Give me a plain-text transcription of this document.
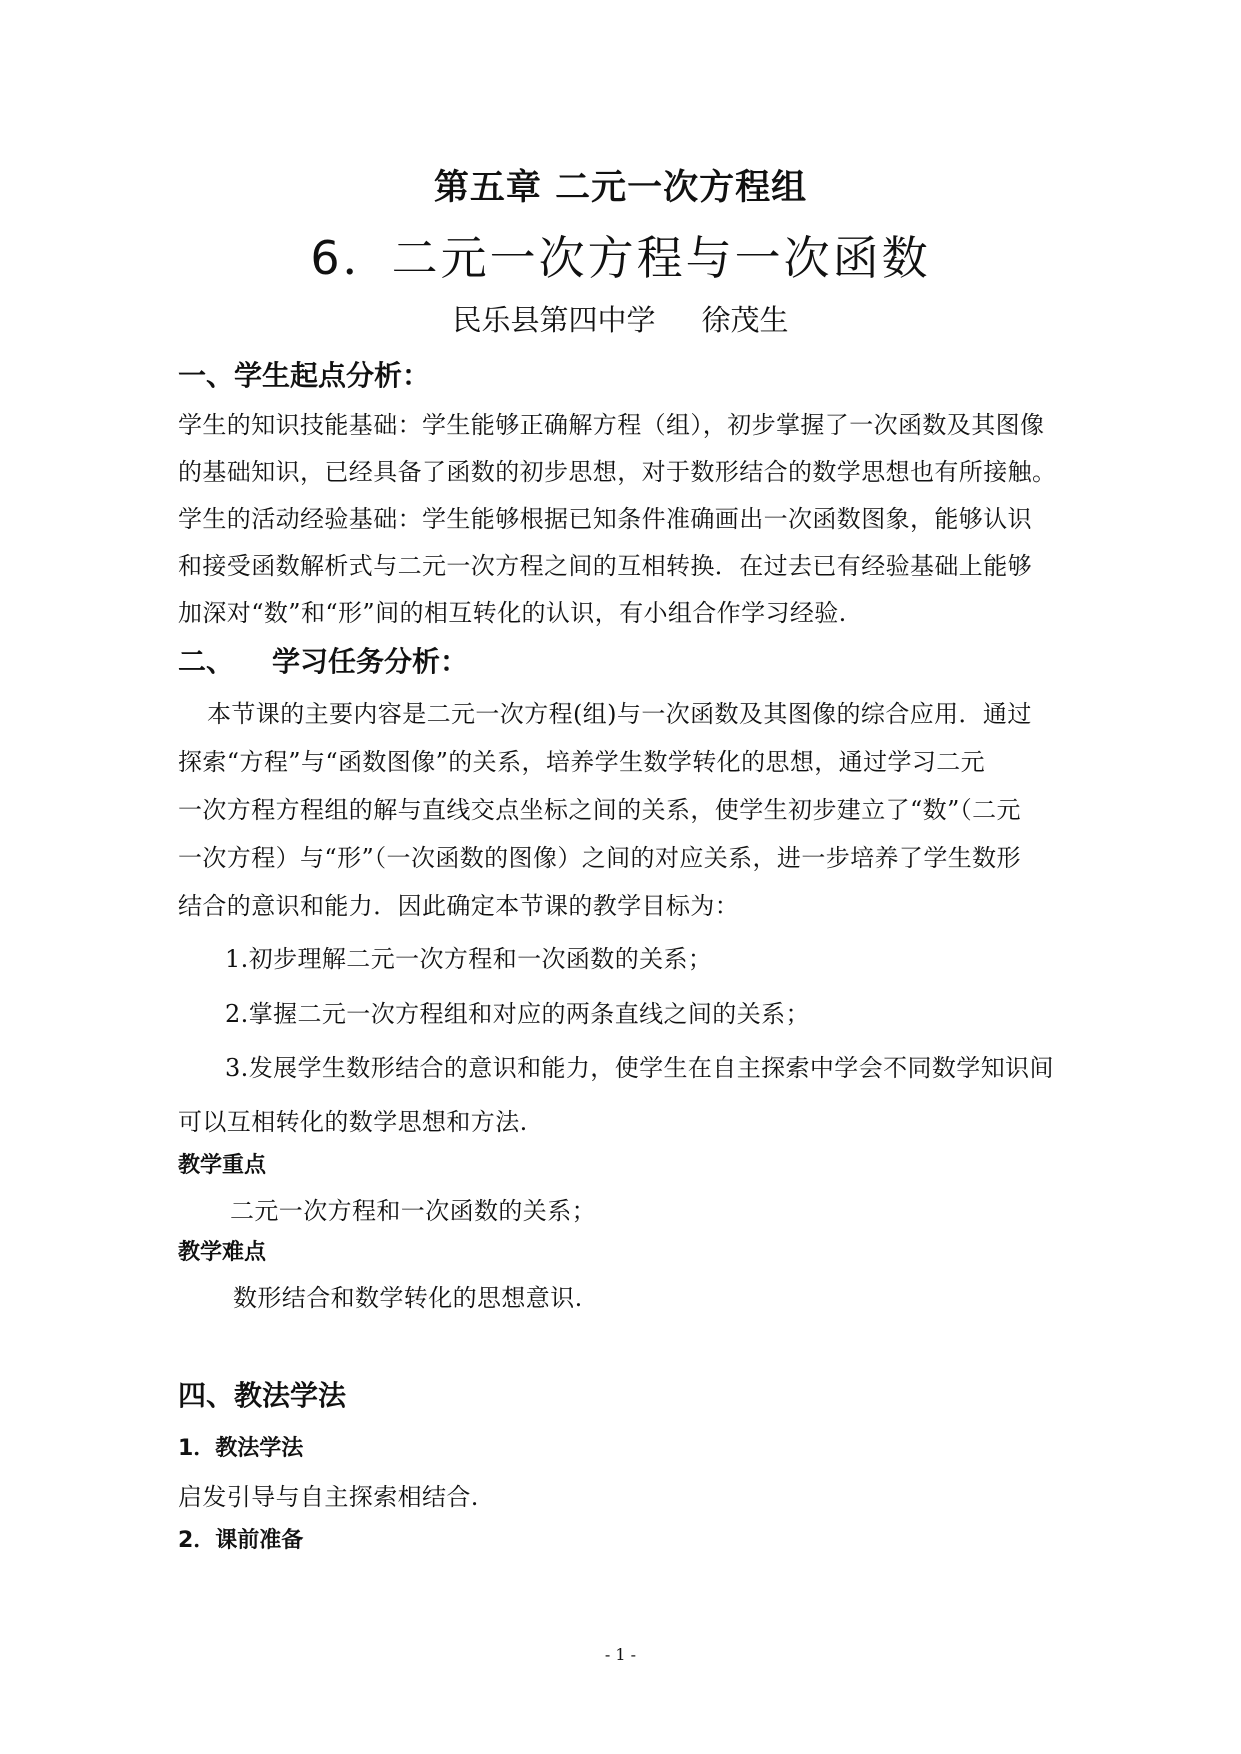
第五章 二元一次方程组
6．二元一次方程与一次函数
民乐县第四中学 徐茂生
一、学生起点分析：
学生的知识技能基础：学生能够正确解方程（组），初步掌握了一次函数及其图像
的基础知识，已经具备了函数的初步思想，对于数形结合的数学思想也有所接触。
学生的活动经验基础：学生能够根据已知条件准确画出一次函数图象，能够认识
和接受函数解析式与二元一次方程之间的互相转换．在过去已有经验基础上能够
加深对“数”和“形”间的相互转化的认识，有小组合作学习经验.
二、 学习任务分析：
本节课的主要内容是二元一次方程(组)与一次函数及其图像的综合应用．通过
探索“方程”与“函数图像”的关系，培养学生数学转化的思想，通过学习二元
一次方程方程组的解与直线交点坐标之间的关系，使学生初步建立了“数”（二元
一次方程）与“形”（一次函数的图像）之间的对应关系，进一步培养了学生数形
结合的意识和能力．因此确定本节课的教学目标为：
1.初步理解二元一次方程和一次函数的关系；
2.掌握二元一次方程组和对应的两条直线之间的关系；
3.发展学生数形结合的意识和能力，使学生在自主探索中学会不同数学知识间
可以互相转化的数学思想和方法.
教学重点
二元一次方程和一次函数的关系；
教学难点
数形结合和数学转化的思想意识.
四、教法学法
1．教法学法
启发引导与自主探索相结合.
2．课前准备
- 1 -
